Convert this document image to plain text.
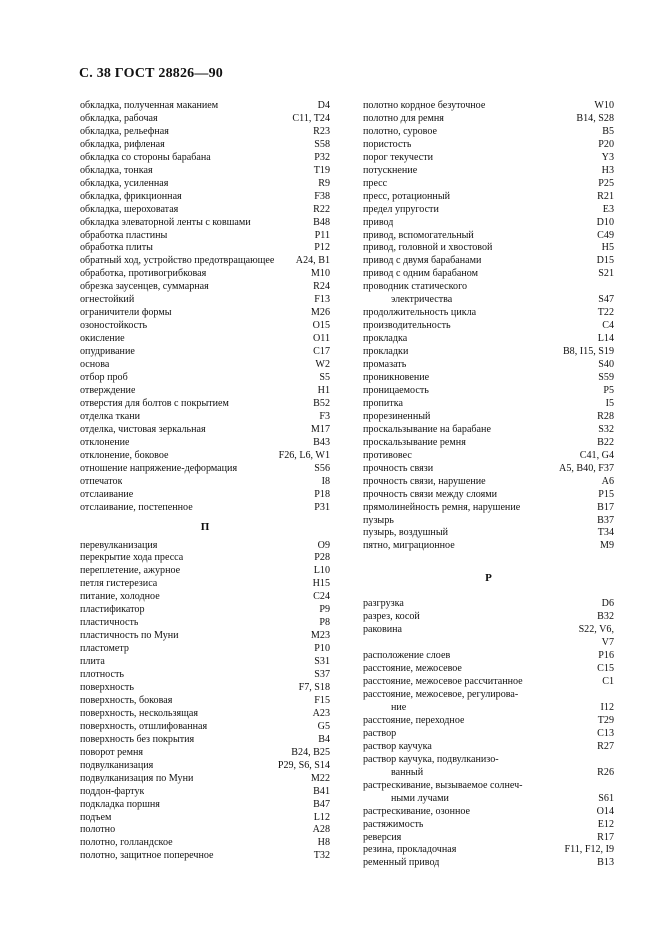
С. 38 ГОСТ 28826—90
обкладка, полученная маканием	D4
обкладка, рабочая	C11, T24
обкладка, рельефная	R23
обкладка, рифленая	S58
обкладка со стороны барабана	P32
обкладка, тонкая	T19
обкладка, усиленная	R9
обкладка, фрикционная	F38
обкладка, шероховатая	R22
обкладка элеваторной ленты с ковшами	B48
обработка пластины	P11
обработка плиты	P12
обратный ход, устройство предотвращающее	A24, B1
обработка, противогрибковая	M10
обрезка заусенцев, суммарная	R24
огнестойкий	F13
ограничители формы	M26
озоностойкость	O15
окисление	O11
опудривание	C17
основа	W2
отбор проб	S5
отверждение	H1
отверстия для болтов с покрытием	B52
отделка ткани	F3
отделка, чистовая зеркальная	M17
отклонение	B43
отклонение, боковое	F26, L6, W1
отношение напряжение-деформация	S56
отпечаток	I8
отслаивание	P18
отслаивание, постепенное	P31
П
перевулканизация	O9
перекрытие хода пресса	P28
переплетение, ажурное	L10
петля гистерезиса	H15
питание, холодное	C24
пластификатор	P9
пластичность	P8
пластичность по Муни	M23
пластометр	P10
плита	S31
плотность	S37
поверхность	F7, S18
поверхность, боковая	F15
поверхность, нескользящая	A23
поверхность, отшлифованная	G5
поверхность без покрытия	B4
поворот ремня	B24, B25
подвулканизация	P29, S6, S14
подвулканизация по Муни	M22
поддон-фартук	B41
подкладка поршня	B47
подъем	L12
полотно	A28
полотно, голландское	H8
полотно, защитное поперечное	T32
полотно кордное безуточное	W10
полотно для ремня	B14, S28
полотно, суровое	B5
пористость	P20
порог текучести	Y3
потускнение	H3
пресс	P25
пресс, ротационный	R21
предел упругости	E3
привод	D10
привод, вспомогательный	C49
привод, головной и хвостовой	H5
привод с двумя барабанами	D15
привод с одним барабаном	S21
проводник статического
электричества	S47
продолжительность цикла	T22
производительность	C4
прокладка	L14
прокладки	B8, I15, S19
промазать	S40
проникновение	S59
проницаемость	P5
пропитка	I5
прорезиненный	R28
проскальзывание на барабане	S32
проскальзывание ремня	B22
противовес	C41, G4
прочность связи	A5, B40, F37
прочность связи, нарушение	A6
прочность связи между слоями	P15
прямолинейность ремня, нарушение	B17
пузырь	B37
пузырь, воздушный	T34
пятно, миграционное	M9
Р
разгрузка	D6
разрез, косой	B32
раковина	S22, V6,
V7
расположение слоев	P16
расстояние, межосевое	C15
расстояние, межосевое рассчитанное	C1
расстояние, межосевое, регулирова-
ние	I12
расстояние, переходное	T29
раствор	C13
раствор каучука	R27
раствор каучука, подвулканизо-
ванный	R26
растрескивание, вызываемое солнеч-
ными лучами	S61
растрескивание, озонное	O14
растяжимость	E12
реверсия	R17
резина, прокладочная	F11, F12, I9
ременный привод	B13
